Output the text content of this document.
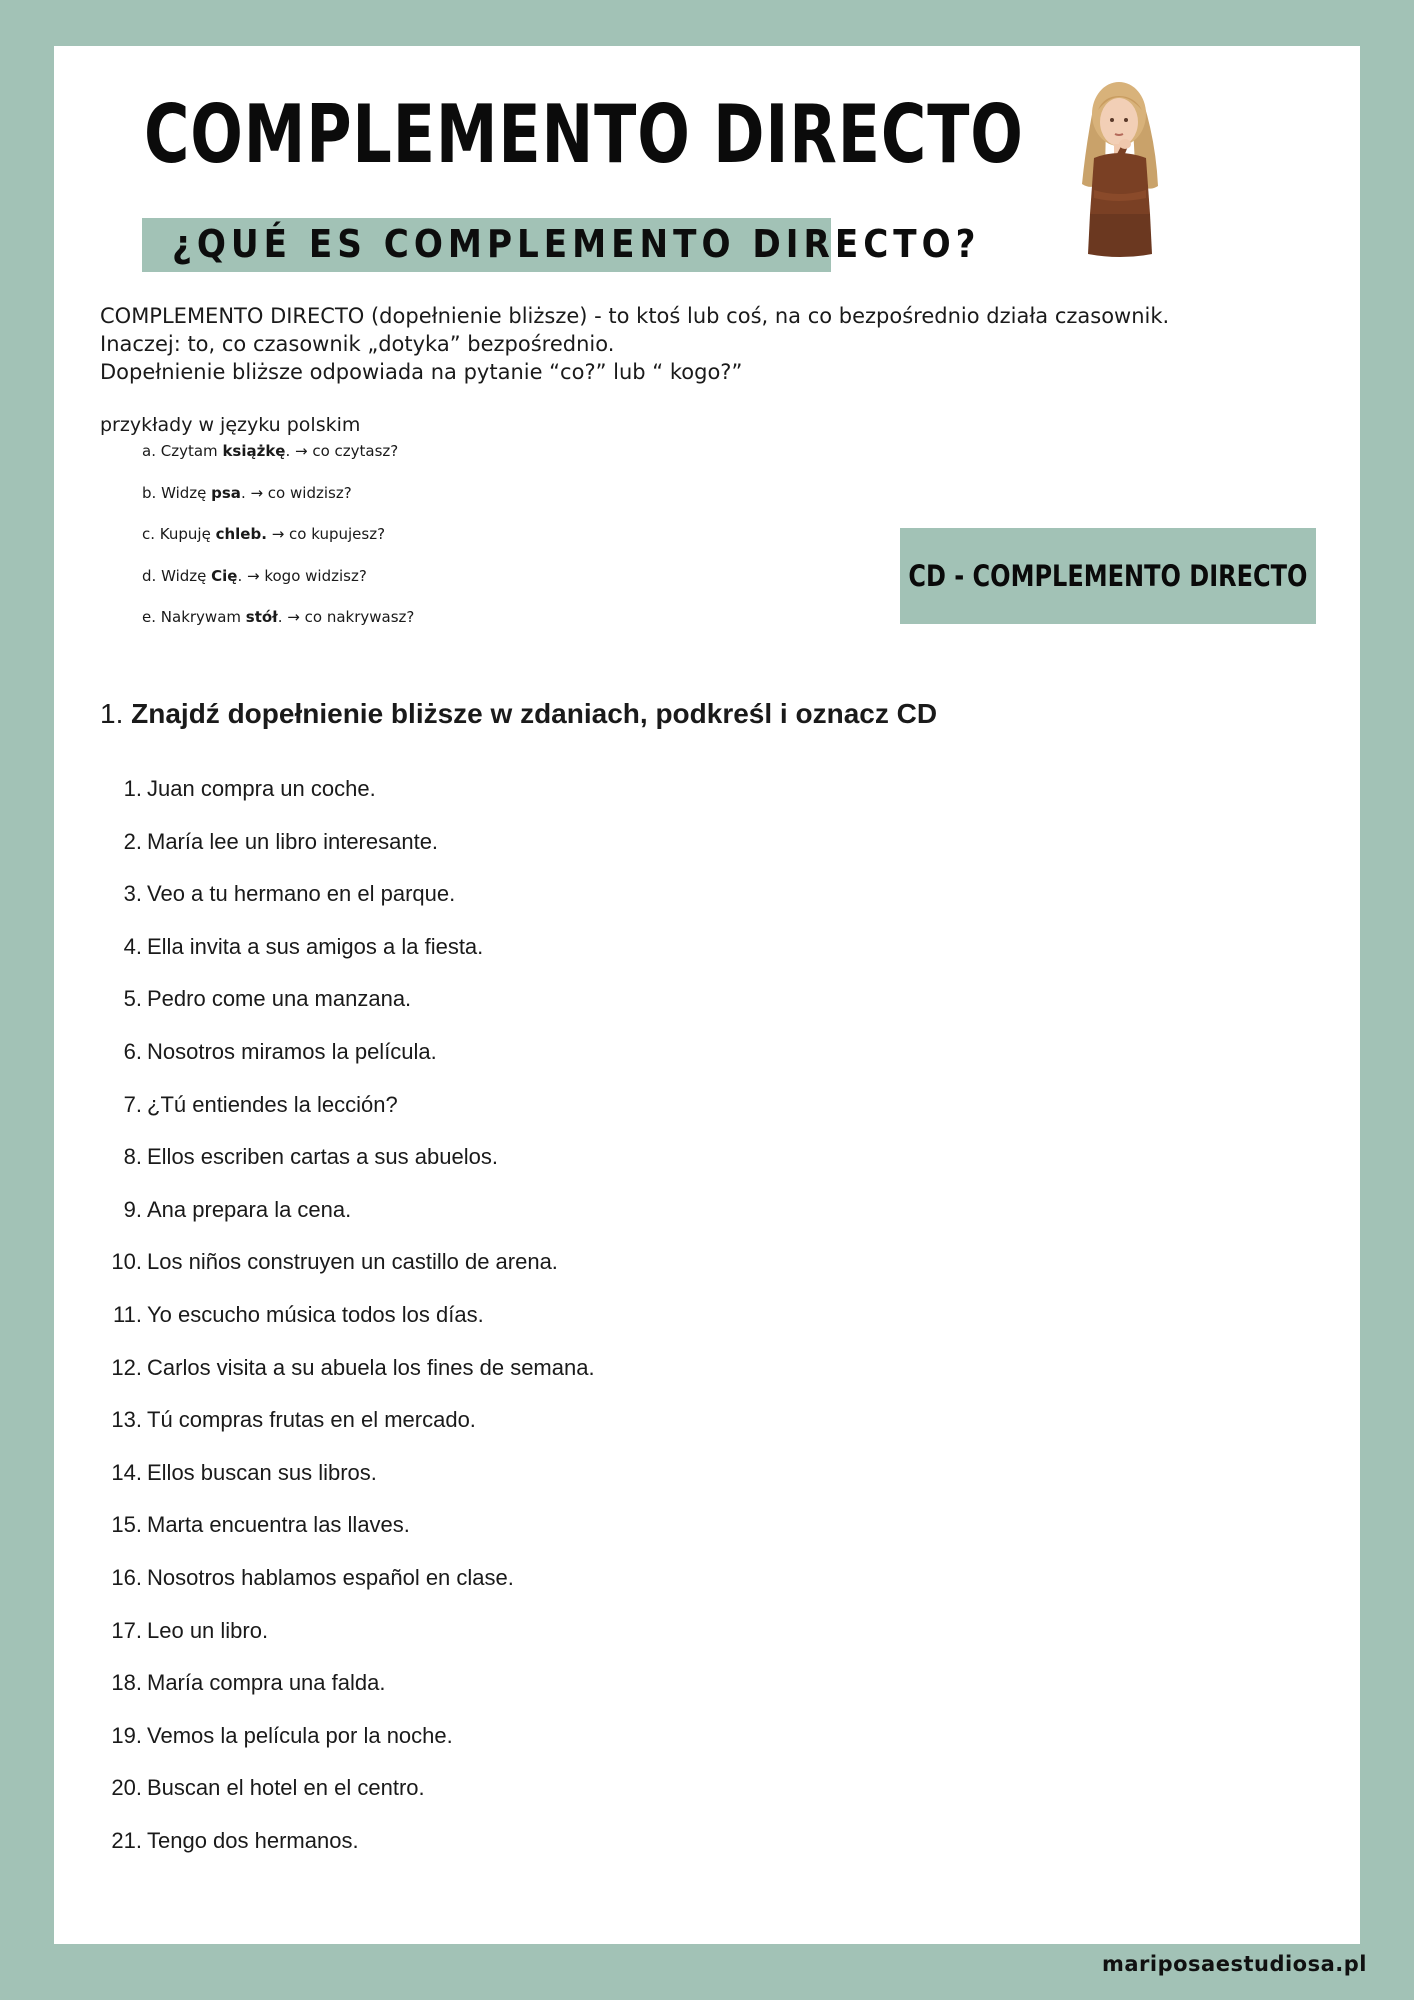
COMPLEMENTO DIRECTO
¿QUÉ ES COMPLEMENTO DIRECTO?

COMPLEMENTO DIRECTO (dopełnienie bliższe) - to ktoś lub coś, na co bezpośrednio działa czasownik.

Inaczej: to, co czasownik „dotyka” bezpośrednio.

Dopełnienie bliższe odpowiada na pytanie “co?” lub “ kogo?”

przykłady w języku polskim
a. Czytam książkę. → co czytasz?
b. Widzę psa. → co widzisz?
c. Kupuję chleb. → co kupujesz?
d. Widzę Cię. → kogo widzisz?
e. Nakrywam stół. → co nakrywasz?
CD - COMPLEMENTO DIRECTO
1. Znajdź dopełnienie bliższe w zdaniach, podkreśl i oznacz CD
1. Juan compra un coche.
2. María lee un libro interesante.
3. Veo a tu hermano en el parque.
4. Ella invita a sus amigos a la fiesta.
5. Pedro come una manzana.
6. Nosotros miramos la película.
7. ¿Tú entiendes la lección?
8. Ellos escriben cartas a sus abuelos.
9. Ana prepara la cena.
10. Los niños construyen un castillo de arena.
11. Yo escucho música todos los días.
12. Carlos visita a su abuela los fines de semana.
13. Tú compras frutas en el mercado.
14. Ellos buscan sus libros.
15. Marta encuentra las llaves.
16. Nosotros hablamos español en clase.
17. Leo un libro.
18. María compra una falda.
19. Vemos la película por la noche.
20. Buscan el hotel en el centro.
21. Tengo dos hermanos.
mariposaestudiosa.pl
